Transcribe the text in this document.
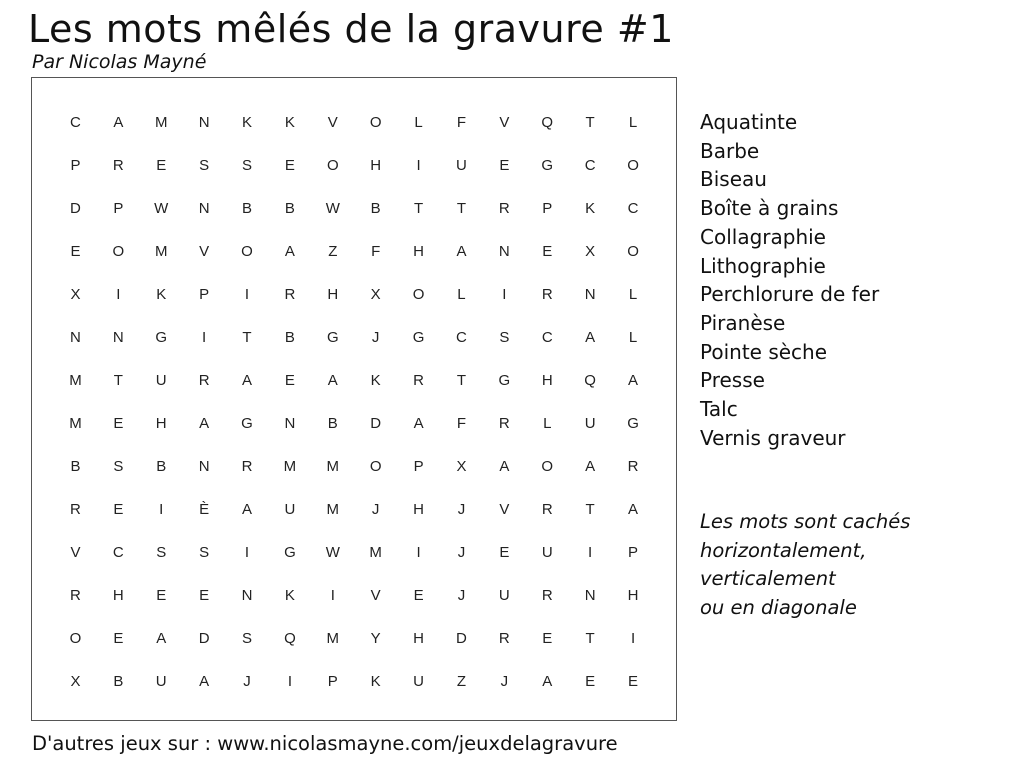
Les mots mêlés de la gravure #1
Par Nicolas Mayné
C	A	M	N	K	K	V	O	L	F	V	Q	T	L
P	R	E	S	S	E	O	H	I	U	E	G	C	O
D	P	W	N	B	B	W	B	T	T	R	P	K	C
E	O	M	V	O	A	Z	F	H	A	N	E	X	O
X	I	K	P	I	R	H	X	O	L	I	R	N	L
N	N	G	I	T	B	G	J	G	C	S	C	A	L
M	T	U	R	A	E	A	K	R	T	G	H	Q	A
M	E	H	A	G	N	B	D	A	F	R	L	U	G
B	S	B	N	R	M	M	O	P	X	A	O	A	R
R	E	I	È	A	U	M	J	H	J	V	R	T	A
V	C	S	S	I	G	W	M	I	J	E	U	I	P
R	H	E	E	N	K	I	V	E	J	U	R	N	H
O	E	A	D	S	Q	M	Y	H	D	R	E	T	I
X	B	U	A	J	I	P	K	U	Z	J	A	E	E
Aquatinte
Barbe
Biseau
Boîte à grains
Collagraphie
Lithographie
Perchlorure de fer
Piranèse
Pointe sèche
Presse
Talc
Vernis graveur
Les mots sont cachés
horizontalement,
verticalement
ou en diagonale
D'autres jeux sur : www.nicolasmayne.com/jeuxdelagravure
